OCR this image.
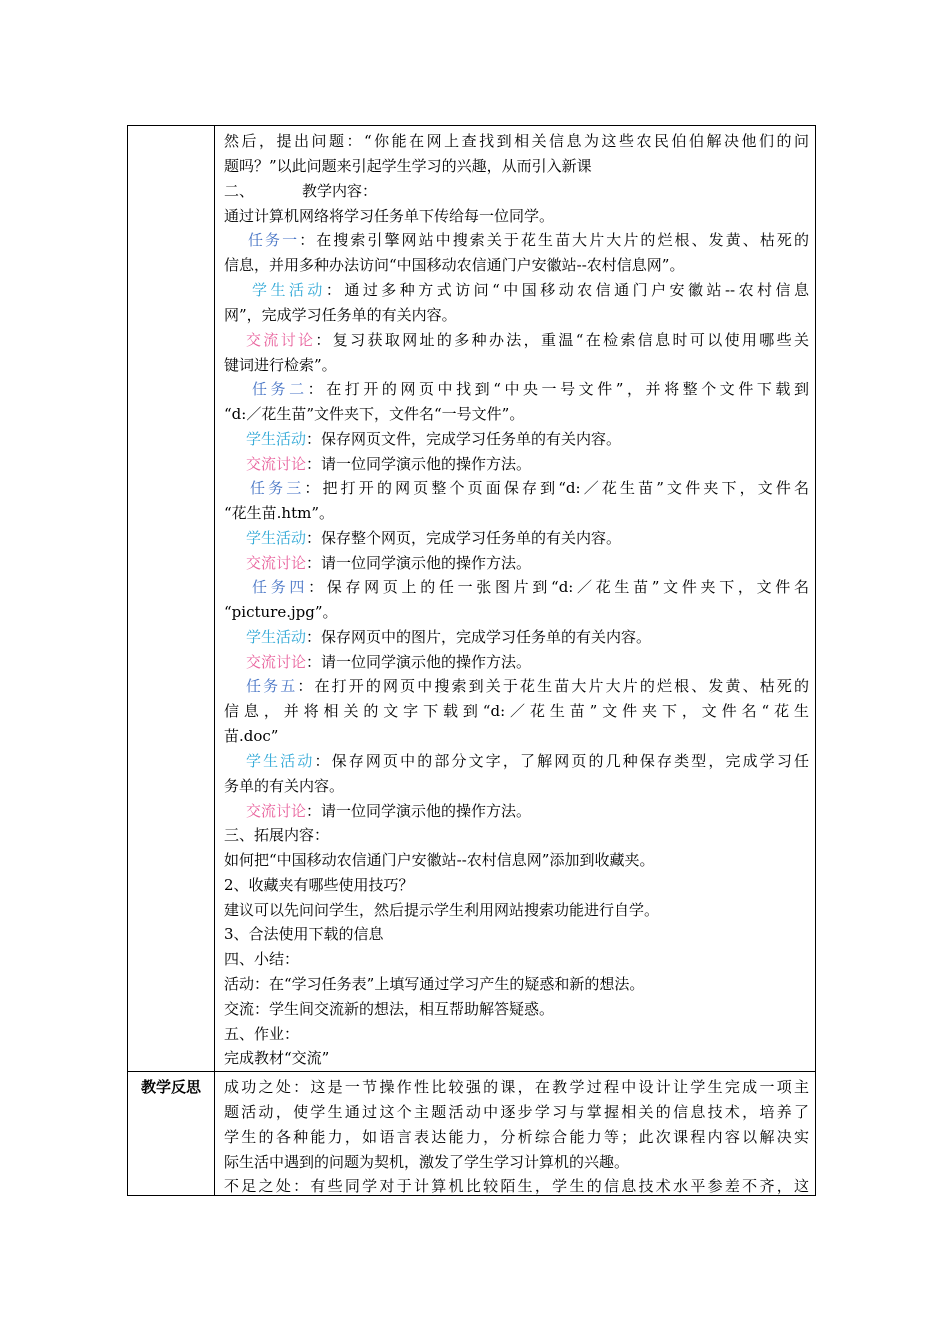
然后，提出问题：“你能在网上查找到相关信息为这些农民伯伯解决他们的问
题吗？”以此问题来引起学生学习的兴趣，从而引入新课
二、	教学内容：
通过计算机网络将学习任务单下传给每一位同学。
任务一：在搜索引擎网站中搜索关于花生苗大片大片的烂根、发黄、枯死的
信息，并用多种办法访问“中国移动农信通门户安徽站--农村信息网”。
学生活动：通过多种方式访问“中国移动农信通门户安徽站--农村信息
网”，完成学习任务单的有关内容。
交流讨论：复习获取网址的多种办法，重温“在检索信息时可以使用哪些关
键词进行检索”。
任务二：在打开的网页中找到“中央一号文件”，并将整个文件下载到
“d:／花生苗”文件夹下，文件名“一号文件”。
学生活动：保存网页文件，完成学习任务单的有关内容。
交流讨论：请一位同学演示他的操作方法。
任务三：把打开的网页整个页面保存到“d:／花生苗”文件夹下，文件名
“花生苗.htm”。
学生活动：保存整个网页，完成学习任务单的有关内容。
交流讨论：请一位同学演示他的操作方法。
任务四：保存网页上的任一张图片到“d:／花生苗”文件夹下，文件名
“picture.jpg”。
学生活动：保存网页中的图片，完成学习任务单的有关内容。
交流讨论：请一位同学演示他的操作方法。
任务五：在打开的网页中搜索到关于花生苗大片大片的烂根、发黄、枯死的
信息，并将相关的文字下载到“d:／花生苗”文件夹下，文件名“花生
苗.doc”
学生活动：保存网页中的部分文字，了解网页的几种保存类型，完成学习任
务单的有关内容。
交流讨论：请一位同学演示他的操作方法。
三、拓展内容：
如何把“中国移动农信通门户安徽站--农村信息网”添加到收藏夹。
2、收藏夹有哪些使用技巧？
建议可以先问问学生，然后提示学生利用网站搜索功能进行自学。
3、合法使用下载的信息
四、小结：
活动：在“学习任务表”上填写通过学习产生的疑惑和新的想法。
交流：学生间交流新的想法，相互帮助解答疑惑。
五、作业：
完成教材“交流”
教学反思	成功之处：这是一节操作性比较强的课，在教学过程中设计让学生完成一项主
题活动，使学生通过这个主题活动中逐步学习与掌握相关的信息技术，培养了
学生的各种能力，如语言表达能力，分析综合能力等；此次课程内容以解决实
际生活中遇到的问题为契机，激发了学生学习计算机的兴趣。
不足之处：有些同学对于计算机比较陌生，学生的信息技术水平参差不齐，这
